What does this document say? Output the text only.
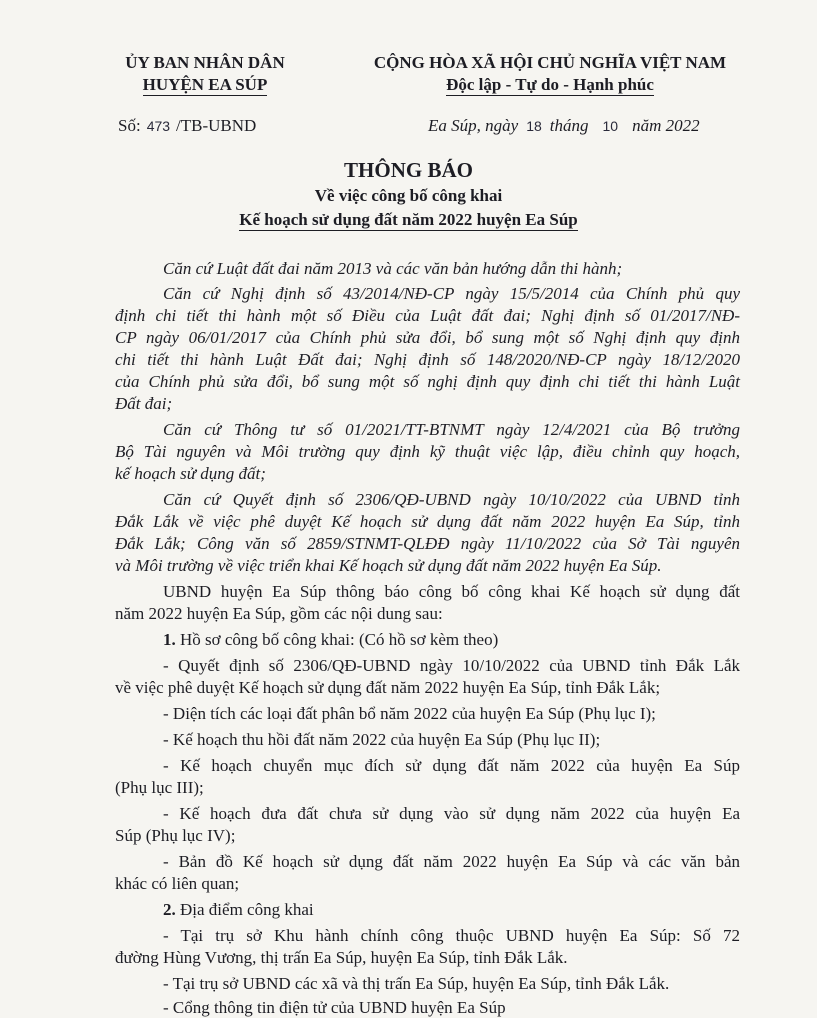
ỦY BAN NHÂN DÂN
HUYỆN EA SÚP
CỘNG HÒA XÃ HỘI CHỦ NGHĨA VIỆT NAM
Độc lập - Tự do - Hạnh phúc
Số: 473 /TB-UBND	Ea Súp, ngày 18 tháng 10 năm 2022
THÔNG BÁO
Về việc công bố công khai
Kế hoạch sử dụng đất năm 2022 huyện Ea Súp
Căn cứ Luật đất đai năm 2013 và các văn bản hướng dẫn thi hành;
Căn cứ Nghị định số 43/2014/NĐ-CP ngày 15/5/2014 của Chính phủ quy
định chi tiết thi hành một số Điều của Luật đất đai; Nghị định số 01/2017/NĐ-
CP ngày 06/01/2017 của Chính phủ sửa đổi, bổ sung một số Nghị định quy định
chi tiết thi hành Luật Đất đai; Nghị định số 148/2020/NĐ-CP ngày 18/12/2020
của Chính phủ sửa đổi, bổ sung một số nghị định quy định chi tiết thi hành Luật
Đất đai;
Căn cứ Thông tư số 01/2021/TT-BTNMT ngày 12/4/2021 của Bộ trưởng
Bộ Tài nguyên và Môi trường quy định kỹ thuật việc lập, điều chỉnh quy hoạch,
kế hoạch sử dụng đất;
Căn cứ Quyết định số 2306/QĐ-UBND ngày 10/10/2022 của UBND tỉnh
Đắk Lắk về việc phê duyệt Kế hoạch sử dụng đất năm 2022 huyện Ea Súp, tỉnh
Đắk Lắk; Công văn số 2859/STNMT-QLĐĐ ngày 11/10/2022 của Sở Tài nguyên
và Môi trường về việc triển khai Kế hoạch sử dụng đất năm 2022 huyện Ea Súp.
UBND huyện Ea Súp thông báo công bố công khai Kế hoạch sử dụng đất
năm 2022 huyện Ea Súp, gồm các nội dung sau:
1. Hồ sơ công bố công khai: (Có hồ sơ kèm theo)
- Quyết định số 2306/QĐ-UBND ngày 10/10/2022 của UBND tỉnh Đắk Lắk
về việc phê duyệt Kế hoạch sử dụng đất năm 2022 huyện Ea Súp, tỉnh Đắk Lắk;
- Diện tích các loại đất phân bổ năm 2022 của huyện Ea Súp (Phụ lục I);
- Kế hoạch thu hồi đất năm 2022 của huyện Ea Súp (Phụ lục II);
- Kế hoạch chuyển mục đích sử dụng đất năm 2022 của huyện Ea Súp
(Phụ lục III);
- Kế hoạch đưa đất chưa sử dụng vào sử dụng năm 2022 của huyện Ea
Súp (Phụ lục IV);
- Bản đồ Kế hoạch sử dụng đất năm 2022 huyện Ea Súp và các văn bản
khác có liên quan;
2. Địa điểm công khai
- Tại trụ sở Khu hành chính công thuộc UBND huyện Ea Súp: Số 72
đường Hùng Vương, thị trấn Ea Súp, huyện Ea Súp, tỉnh Đắk Lắk.
- Tại trụ sở UBND các xã và thị trấn Ea Súp, huyện Ea Súp, tỉnh Đắk Lắk.
- Cổng thông tin điện tử của UBND huyện Ea Súp
